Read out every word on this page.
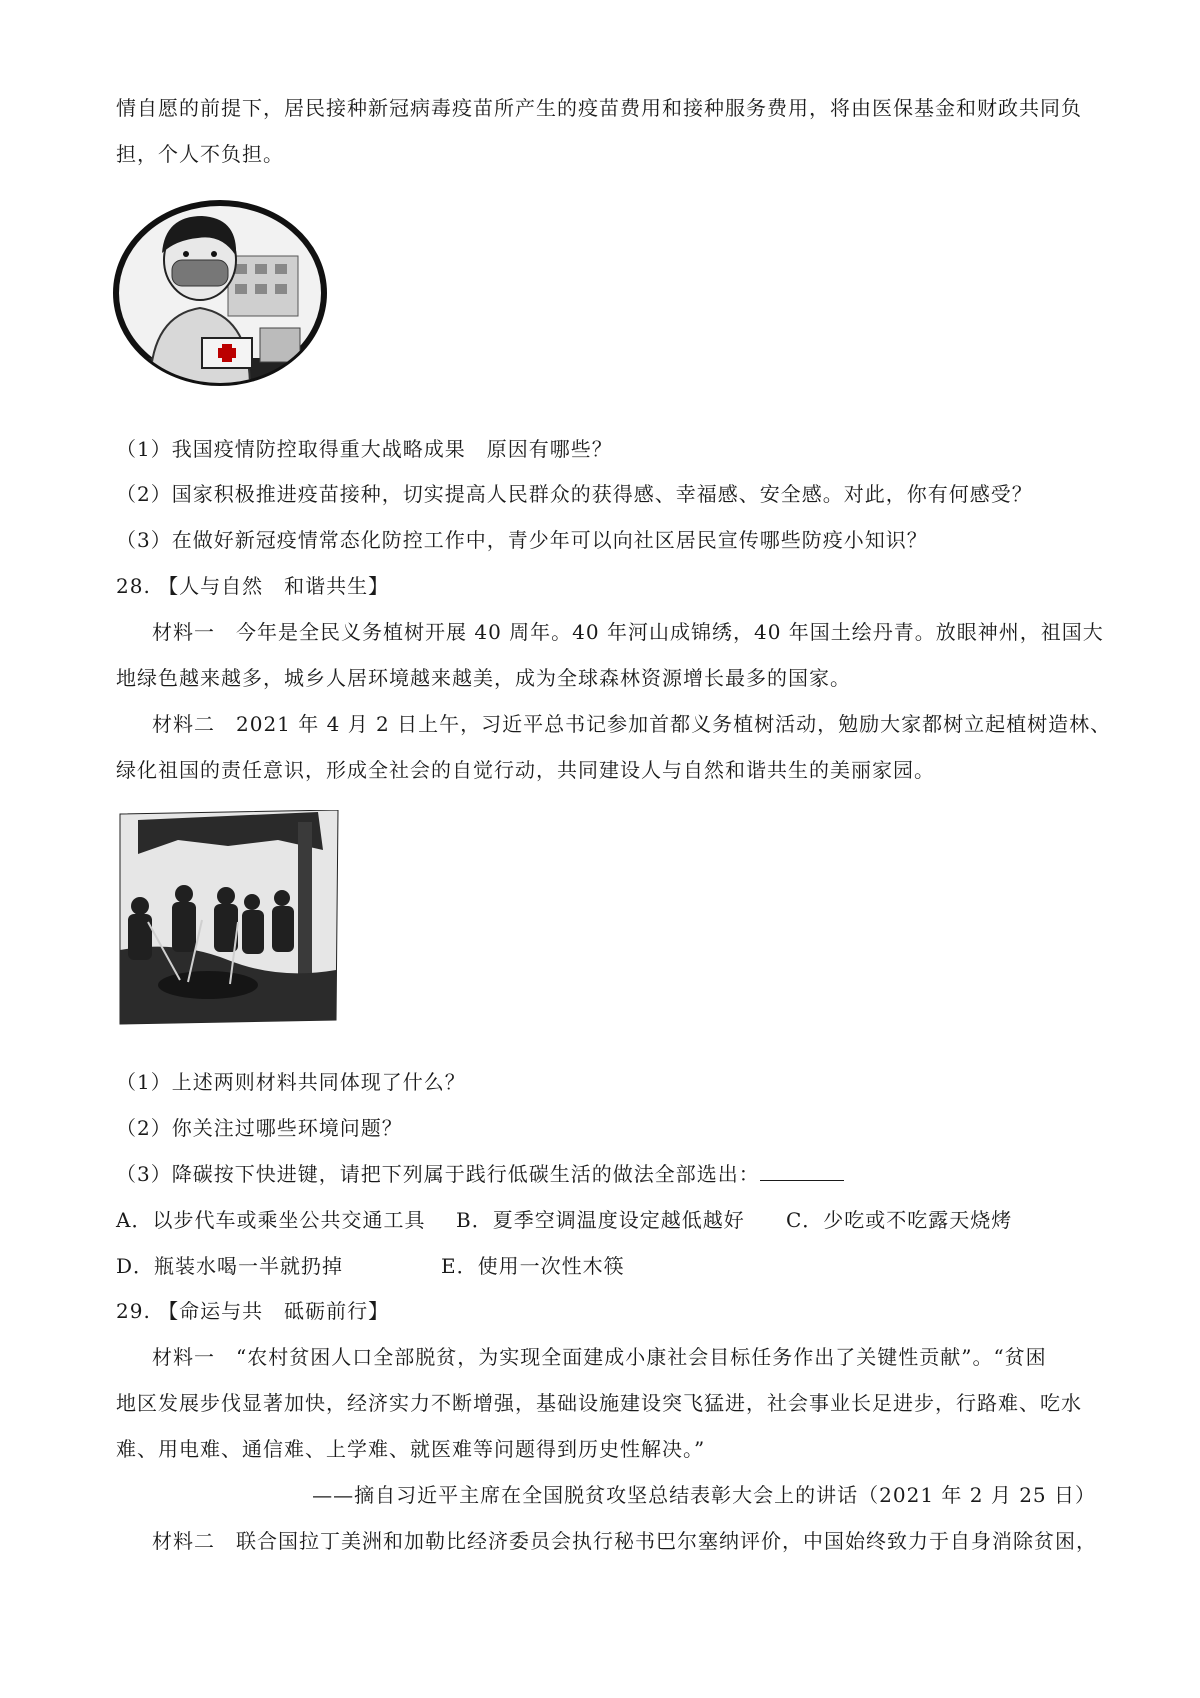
情自愿的前提下，居民接种新冠病毒疫苗所产生的疫苗费用和接种服务费用，将由医保基金和财政共同负
担，个人不负担。
（1）我国疫情防控取得重大战略成果　原因有哪些？
（2）国家积极推进疫苗接种，切实提高人民群众的获得感、幸福感、安全感。对此，你有何感受？
（3）在做好新冠疫情常态化防控工作中，青少年可以向社区居民宣传哪些防疫小知识？
28. 【人与自然　和谐共生】
材料一　今年是全民义务植树开展 40 周年。40 年河山成锦绣，40 年国土绘丹青。放眼神州，祖国大
地绿色越来越多，城乡人居环境越来越美，成为全球森林资源增长最多的国家。
材料二　2021 年 4 月 2 日上午，习近平总书记参加首都义务植树活动，勉励大家都树立起植树造林、
绿化祖国的责任意识，形成全社会的自觉行动，共同建设人与自然和谐共生的美丽家园。
（1）上述两则材料共同体现了什么？
（2）你关注过哪些环境问题？
（3）降碳按下快进键，请把下列属于践行低碳生活的做法全部选出：
A．以步代车或乘坐公共交通工具 B．夏季空调温度设定越低越好 C．少吃或不吃露天烧烤
D．瓶装水喝一半就扔掉	E．使用一次性木筷
29. 【命运与共　砥砺前行】
材料一　“农村贫困人口全部脱贫，为实现全面建成小康社会目标任务作出了关键性贡献”。“贫困
地区发展步伐显著加快，经济实力不断增强，基础设施建设突飞猛进，社会事业长足进步，行路难、吃水
难、用电难、通信难、上学难、就医难等问题得到历史性解决。”
——摘自习近平主席在全国脱贫攻坚总结表彰大会上的讲话（2021 年 2 月 25 日）
材料二　联合国拉丁美洲和加勒比经济委员会执行秘书巴尔塞纳评价，中国始终致力于自身消除贫困，
